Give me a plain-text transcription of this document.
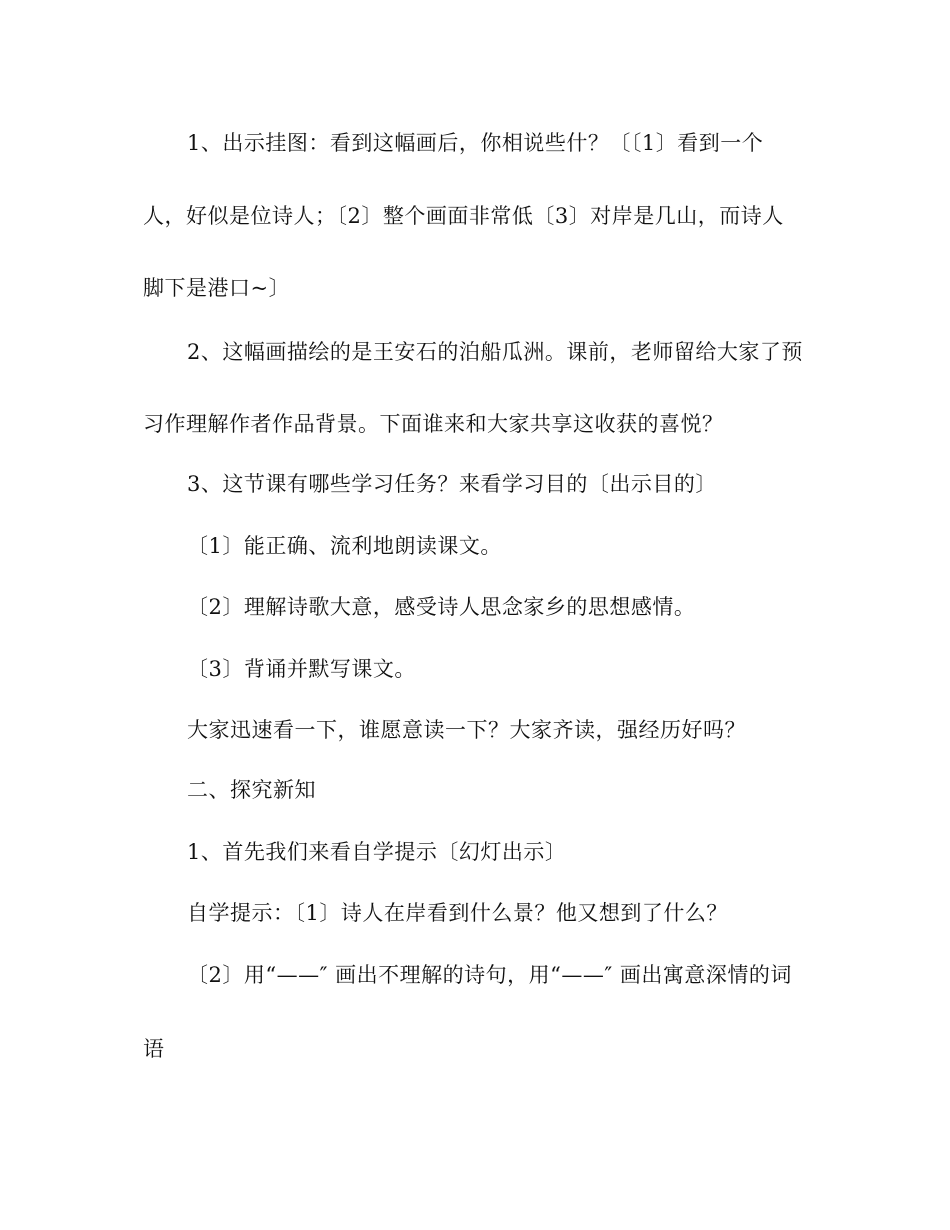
1、出示挂图：看到这幅画后，你相说些什？〔〔1〕看到一个
人，好似是位诗人；〔2〕整个画面非常低〔3〕对岸是几山，而诗人
脚下是港口~〕
2、这幅画描绘的是王安石的泊船瓜洲。课前，老师留给大家了预
习作理解作者作品背景。下面谁来和大家共享这收获的喜悦？
3、这节课有哪些学习任务？来看学习目的〔出示目的〕
〔1〕能正确、流利地朗读课文。
〔2〕理解诗歌大意，感受诗人思念家乡的思想感情。
〔3〕背诵并默写课文。
大家迅速看一下，谁愿意读一下？大家齐读，强经历好吗？
二、探究新知
1、首先我们来看自学提示〔幻灯出示〕
自学提示：〔1〕诗人在岸看到什么景？他又想到了什么？
〔2〕用“——″ 画出不理解的诗句，用“——″ 画出寓意深情的词
语
